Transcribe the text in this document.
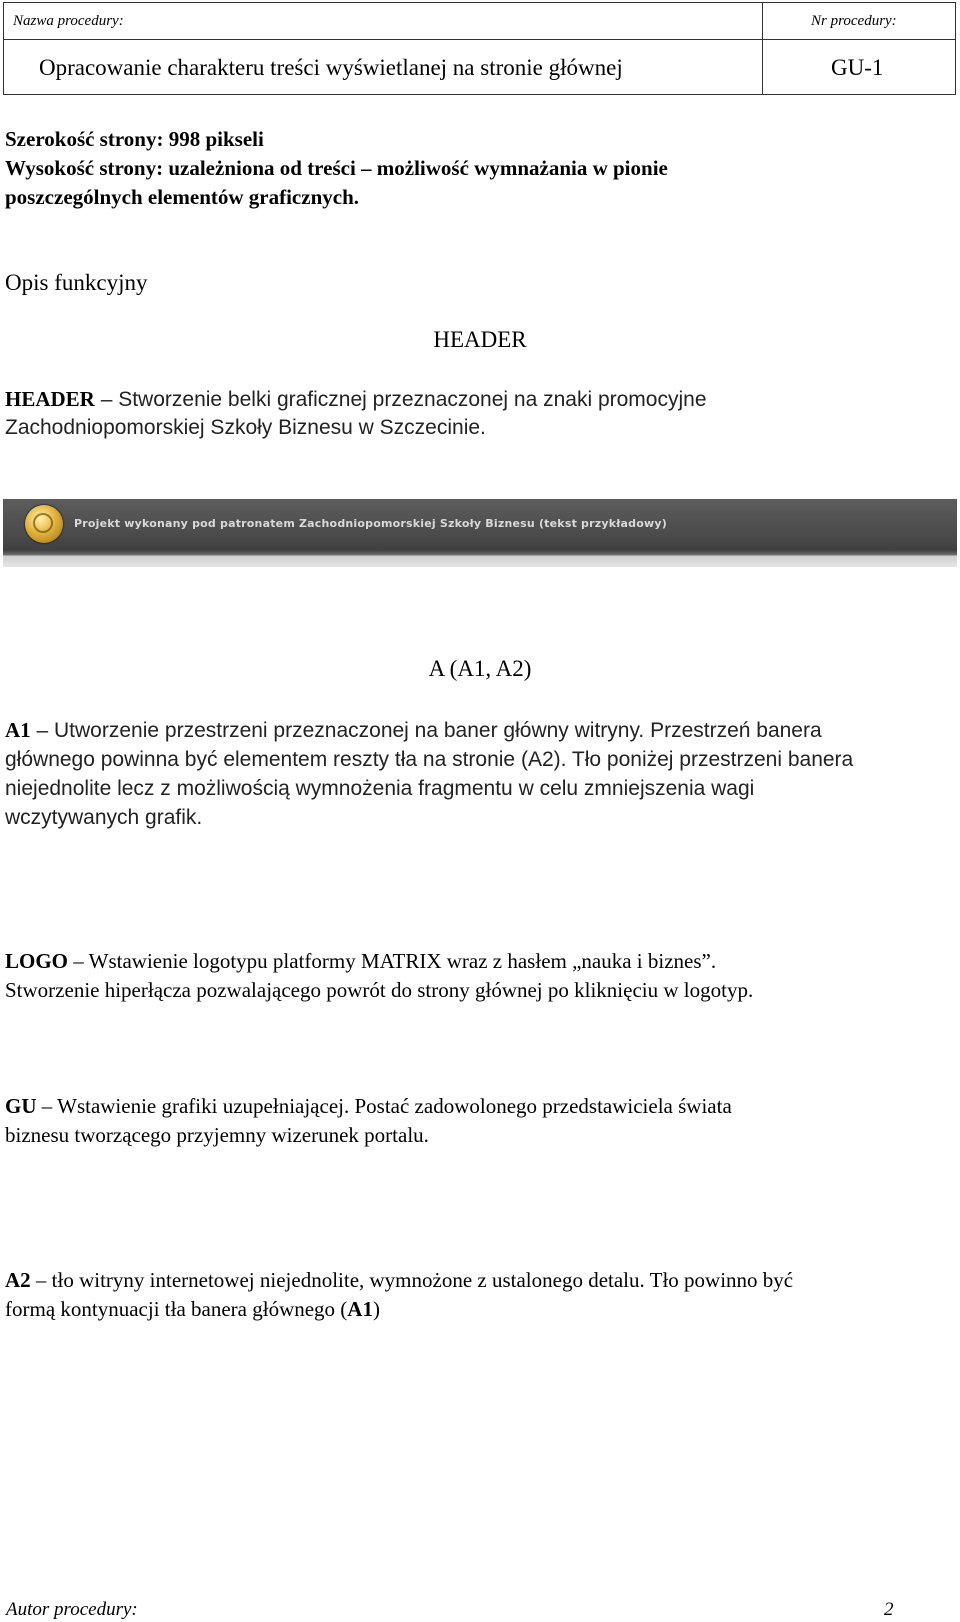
Nazwa procedury:	Nr procedury:
Opracowanie charakteru treści wyświetlanej na stronie głównej	GU-1
Szerokość strony: 998 pikseli
Wysokość strony: uzależniona od treści – możliwość wymnażania w pionie
poszczególnych elementów graficznych.
Opis funkcyjny
HEADER
HEADER – Stworzenie belki graficznej przeznaczonej na znaki promocyjne
Zachodniopomorskiej Szkoły Biznesu w Szczecinie.
Projekt wykonany pod patronatem Zachodniopomorskiej Szkoły Biznesu (tekst przykładowy)
A (A1, A2)
A1 – Utworzenie przestrzeni przeznaczonej na baner główny witryny. Przestrzeń banera
głównego powinna być elementem reszty tła na stronie (A2). Tło poniżej przestrzeni banera
niejednolite lecz z możliwością wymnożenia fragmentu w celu zmniejszenia wagi
wczytywanych grafik.
LOGO – Wstawienie logotypu platformy MATRIX wraz z hasłem „nauka i biznes”.
Stworzenie hiperłącza pozwalającego powrót do strony głównej po kliknięciu w logotyp.
GU – Wstawienie grafiki uzupełniającej. Postać zadowolonego przedstawiciela świata
biznesu tworzącego przyjemny wizerunek portalu.
A2 – tło witryny internetowej niejednolite, wymnożone z ustalonego detalu. Tło powinno być
formą kontynuacji tła banera głównego (A1)
Autor procedury:	2
